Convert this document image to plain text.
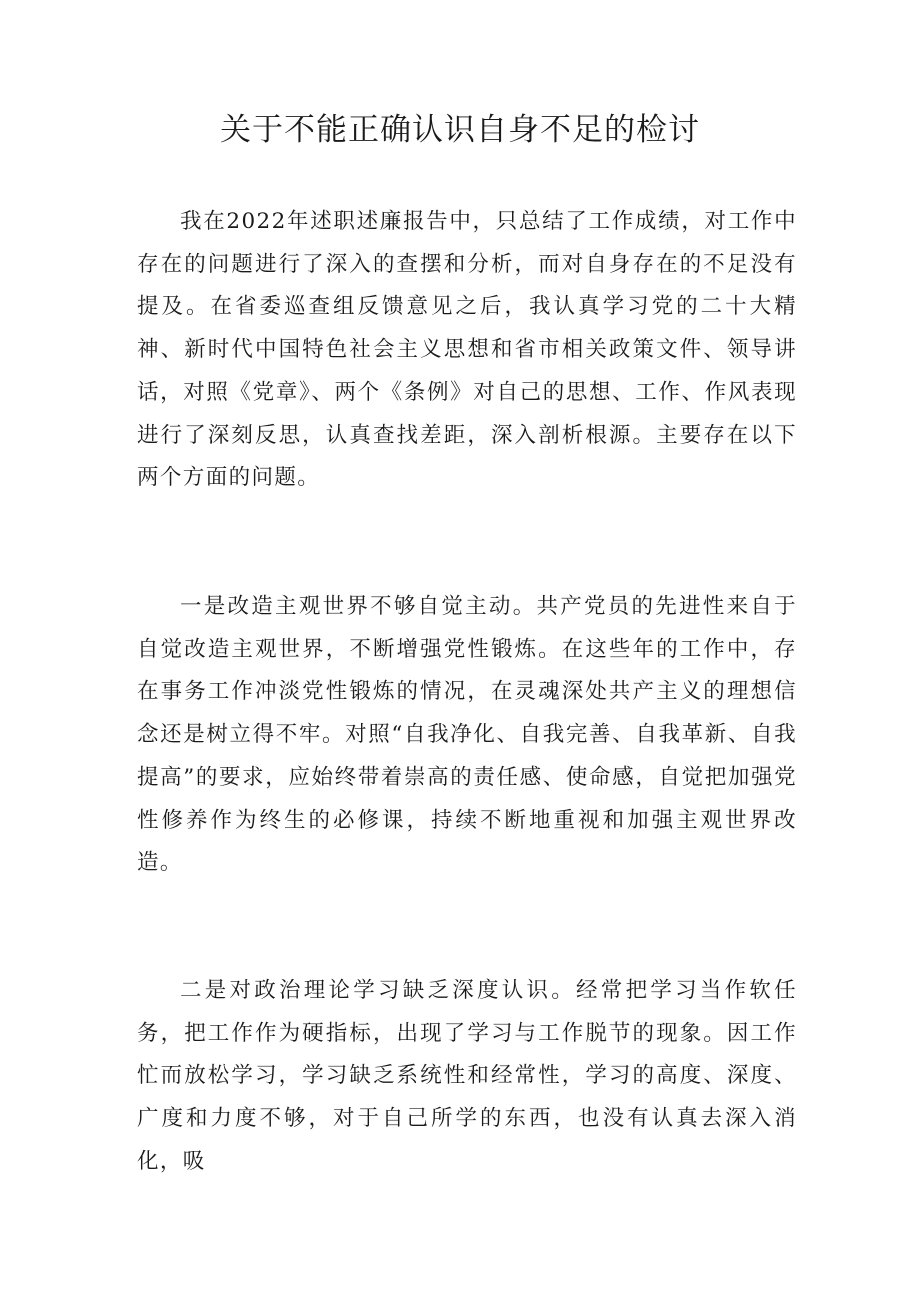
关于不能正确认识自身不足的检讨

我在2022年述职述廉报告中，只总结了工作成绩，对工作中存在的问题进行了深入的查摆和分析，而对自身存在的不足没有提及。在省委巡查组反馈意见之后，我认真学习党的二十大精神、新时代中国特色社会主义思想和省市相关政策文件、领导讲话，对照《党章》、两个《条例》对自己的思想、工作、作风表现进行了深刻反思，认真查找差距，深入剖析根源。主要存在以下两个方面的问题。

一是改造主观世界不够自觉主动。共产党员的先进性来自于自觉改造主观世界，不断增强党性锻炼。在这些年的工作中，存在事务工作冲淡党性锻炼的情况，在灵魂深处共产主义的理想信念还是树立得不牢。对照“自我净化、自我完善、自我革新、自我提高”的要求，应始终带着崇高的责任感、使命感，自觉把加强党性修养作为终生的必修课，持续不断地重视和加强主观世界改造。

二是对政治理论学习缺乏深度认识。经常把学习当作软任务，把工作作为硬指标，出现了学习与工作脱节的现象。因工作忙而放松学习，学习缺乏系统性和经常性，学习的高度、深度、广度和力度不够，对于自己所学的东西，也没有认真去深入消化，吸
